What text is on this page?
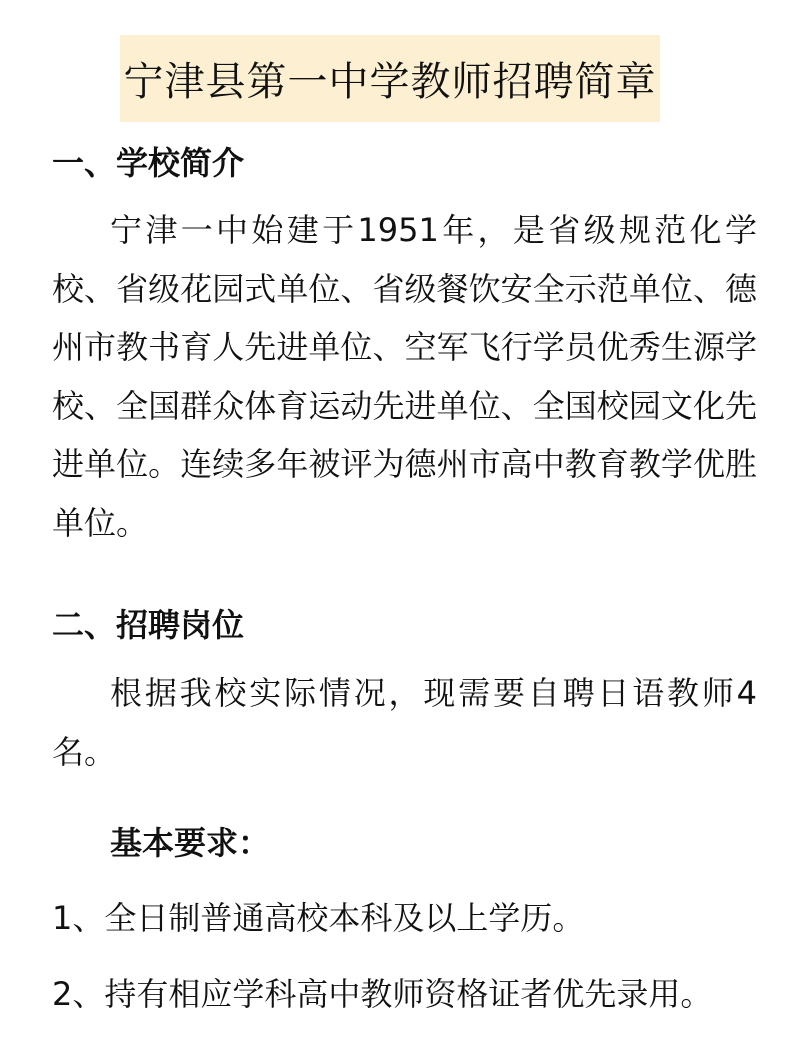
宁津县第一中学教师招聘简章
一、学校简介
宁津一中始建于1951年，是省级规范化学校、省级花园式单位、省级餐饮安全示范单位、德州市教书育人先进单位、空军飞行学员优秀生源学校、全国群众体育运动先进单位、全国校园文化先进单位。连续多年被评为德州市高中教育教学优胜单位。
二、招聘岗位
根据我校实际情况，现需要自聘日语教师4名。
基本要求：
1、全日制普通高校本科及以上学历。
2、持有相应学科高中教师资格证者优先录用。
